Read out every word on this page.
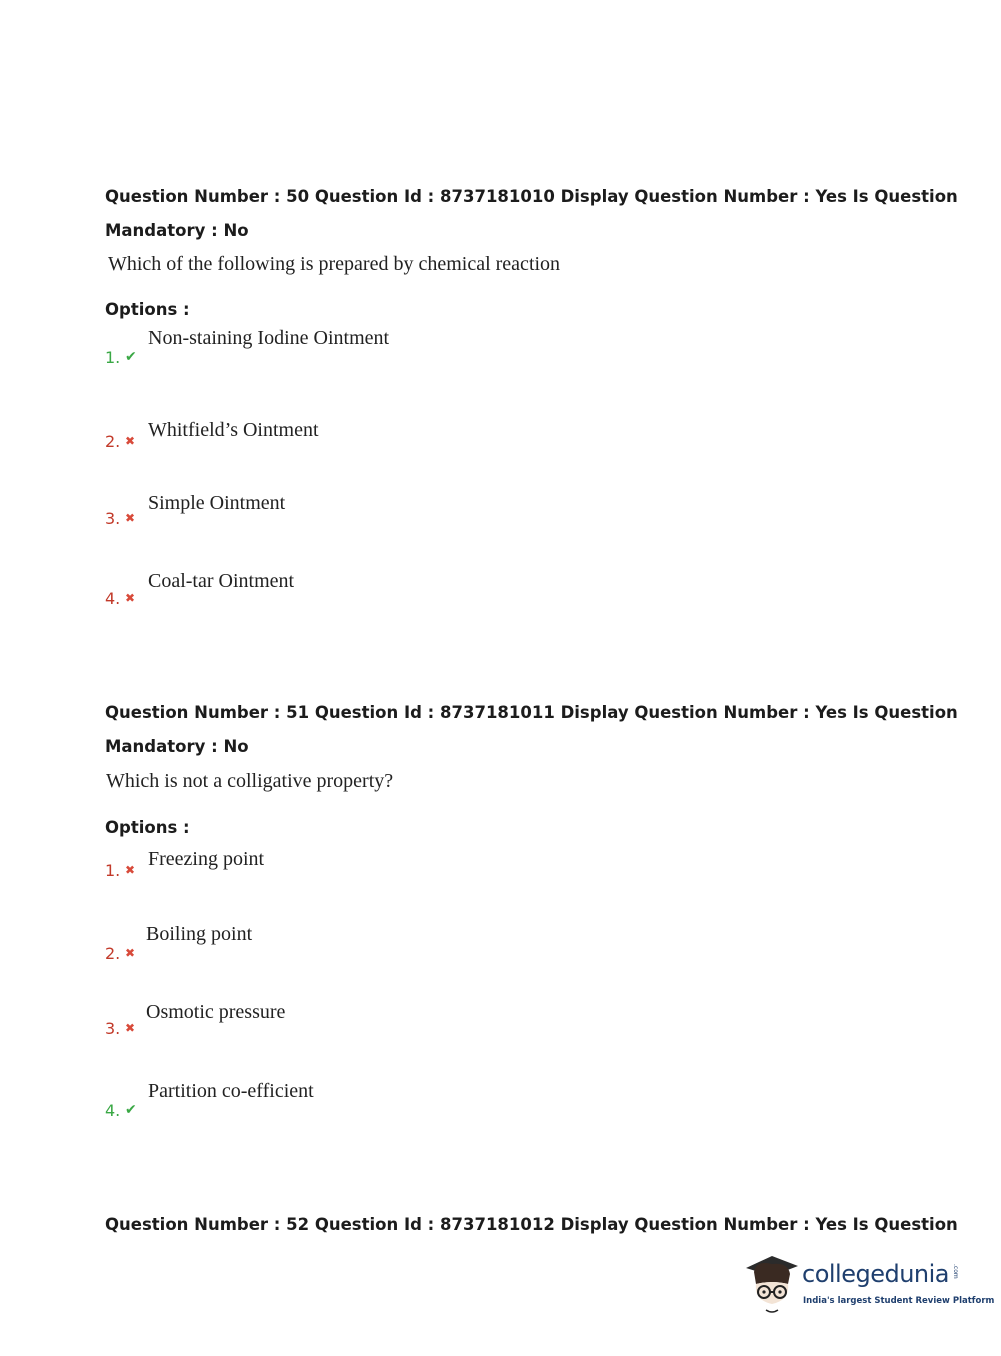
Question Number : 50 Question Id : 8737181010 Display Question Number : Yes Is Question
Mandatory : No
Which of the following is prepared by chemical reaction
Options :
1. ✔
Non-staining Iodine Ointment
2. ✖ Whitfield’s Ointment
3. ✖
Simple Ointment
4. ✖
Coal-tar Ointment
Question Number : 51 Question Id : 8737181011 Display Question Number : Yes Is Question
Mandatory : No
Which is not a colligative property?
Options :
1. ✖ Freezing point
2. ✖
Boiling point
3. ✖
Osmotic pressure
4. ✔
Partition co-efficient
Question Number : 52 Question Id : 8737181012 Display Question Number : Yes Is Question
collegedunia .com
India's largest Student Review Platform
